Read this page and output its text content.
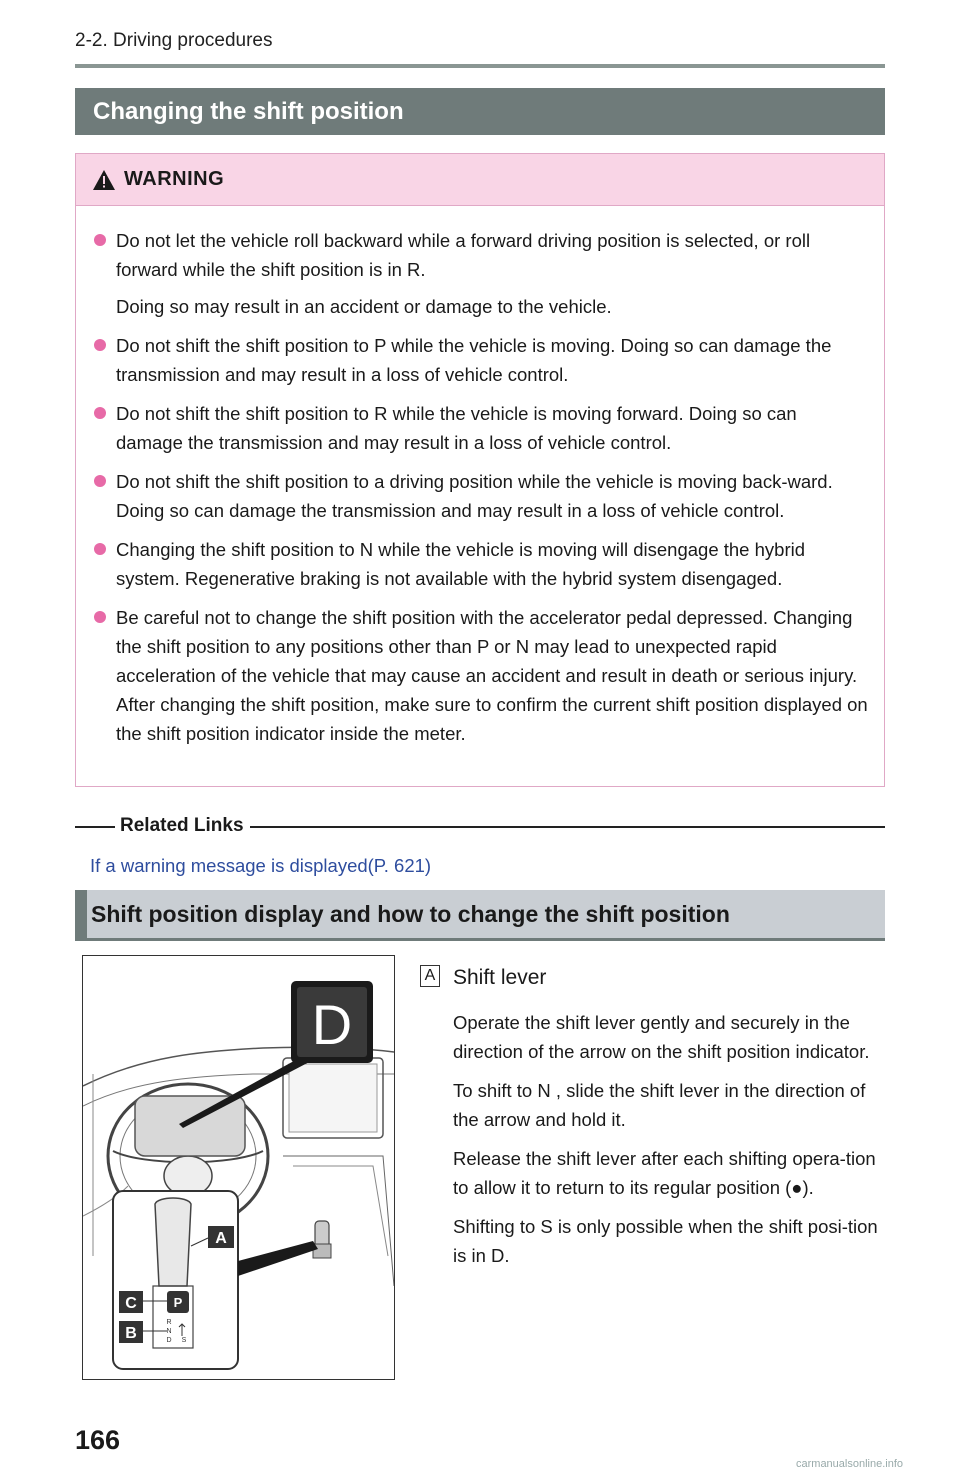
2-2. Driving procedures
Changing the shift position
WARNING

Do not let the vehicle roll backward while a forward driving position is selected, or roll forward while the shift position is in R.

Doing so may result in an accident or damage to the vehicle.

Do not shift the shift position to P while the vehicle is moving. Doing so can damage the transmission and may result in a loss of vehicle control.

Do not shift the shift position to R while the vehicle is moving forward. Doing so can damage the transmission and may result in a loss of vehicle control.

Do not shift the shift position to a driving position while the vehicle is moving back-ward. Doing so can damage the transmission and may result in a loss of vehicle control.

Changing the shift position to N while the vehicle is moving will disengage the hybrid system. Regenerative braking is not available with the hybrid system disengaged.

Be careful not to change the shift position with the accelerator pedal depressed. Changing the shift position to any positions other than P or N may lead to unexpected rapid acceleration of the vehicle that may cause an accident and result in death or serious injury. After changing the shift position, make sure to confirm the current shift position displayed on the shift position indicator inside the meter.

Related Links
If a warning message is displayed(P. 621)
Shift position display and how to change the shift position
D
A
C
B
P
R
N
D S
A Shift lever

Operate the shift lever gently and securely in the direction of the arrow on the shift position indicator.

To shift to N , slide the shift lever in the direction of the arrow and hold it.

Release the shift lever after each shifting opera-tion to allow it to return to its regular position (●).

Shifting to S is only possible when the shift posi-tion is in D.

166
carmanualsonline.info
